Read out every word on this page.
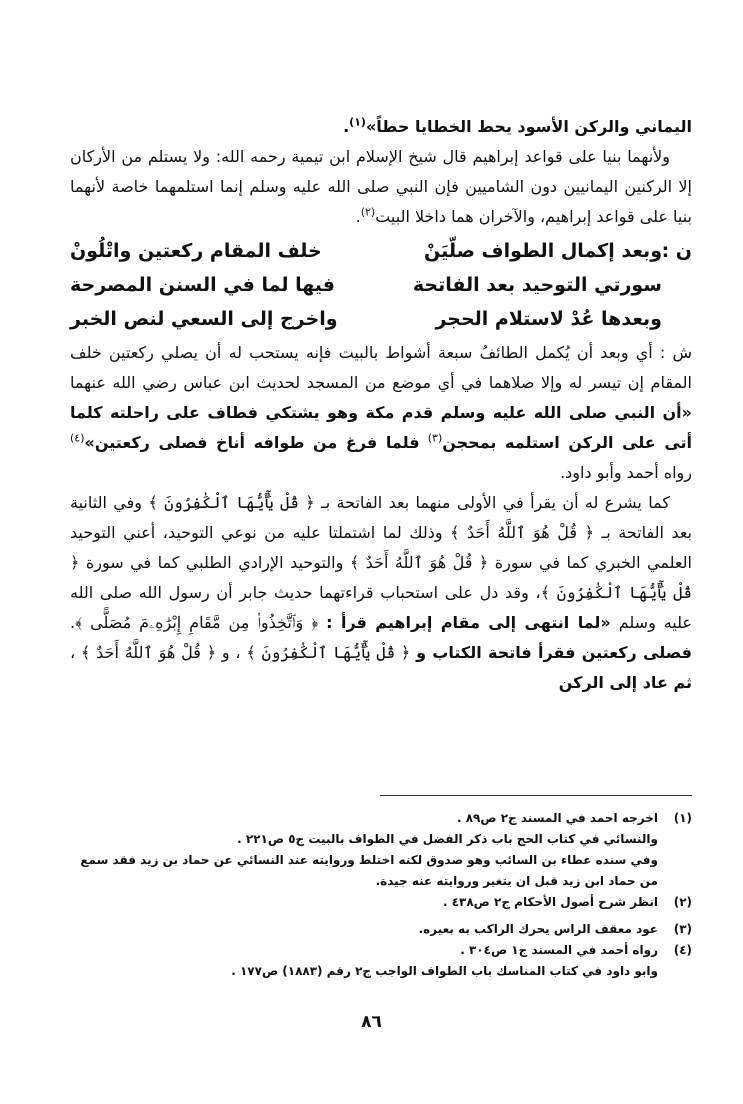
اليماني والركن الأسود يحط الخطايا حطاً»$^{(١)}$.

ولأنهما بنيا على قواعد إبراهيم قال شيخ الإسلام ابن تيمية رحمه الله: ولا يستلم من الأركان إلا الركنين اليمانيين دون الشاميين فإن النبي صلى الله عليه وسلم إنما استلمهما خاصة لأنهما بنيا على قواعد إبراهيم، والآخران هما داخلا البيت$^{(٢)}$.

ن :
وبعد إكمال الطواف صلّيَنْ
خلف المقام ركعتين واتْلُونْ
سورتي التوحيد بعد الفاتحة
فيها لما في السنن المصرحة
وبعدها عُدْ لاستلام الحجر
واخرج إلى السعي لنص الخبر

ش : أي وبعد أن يُكمل الطائفُ سبعة أشواط بالبيت فإنه يستحب له أن يصلي ركعتين خلف المقام إن تيسر له وإلا صلاهما في أي موضع من المسجد لحديث ابن عباس رضي الله عنهما «أن النبي صلى الله عليه وسلم قدم مكة وهو يشتكي فطاف على راحلته كلما أتى على الركن استلمه بمحجن$^{(٣)}$ فلما فرغ من طوافه أناخ فصلى ركعتين»$^{(٤)}$ رواه أحمد وأبو داود.

كما يشرع له أن يقرأ في الأولى منهما بعد الفاتحة بـ ﴿ قُلْ يَٰٓأَيُّهَا ٱلْكَٰفِرُونَ ﴾ وفي الثانية بعد الفاتحة بـ ﴿ قُلْ هُوَ ٱللَّهُ أَحَدٌ ﴾ وذلك لما اشتملتا عليه من نوعي التوحيد، أعني التوحيد العلمي الخبري كما في سورة ﴿ قُلْ هُوَ ٱللَّهُ أَحَدٌ ﴾ والتوحيد الإرادي الطلبي كما في سورة ﴿ قُلْ يَٰٓأَيُّهَا ٱلْكَٰفِرُونَ ﴾، وقد دل على استحباب قراءتهما حديث جابر أن رسول الله صلى الله عليه وسلم «لما انتهى إلى مقام إبراهيم قرأ : ﴿ وَٱتَّخِذُوا۟ مِن مَّقَامِ إِبْرَٰهِۦمَ مُصَلًّى ﴾. فصلى ركعتين فقرأ فاتحة الكتاب و ﴿ قُلْ يَٰٓأَيُّهَا ٱلْكَٰفِرُونَ ﴾ ، و ﴿ قُلْ هُوَ ٱللَّهُ أَحَدٌ ﴾ ، ثم عاد إلى الركن

(١)
اخرجه احمد في المسند ج٢ ص٨٩ .
والنسائي في كتاب الحج باب ذكر الفضل في الطواف بالبيت ج٥ ص٢٢١ .
وفي سنده عطاء بن السائب وهو صدوق لكنه اختلط وروايته عند النسائي عن حماد بن زيد فقد سمع من حماد ابن زيد قبل ان يتغير وروايته عنه جيدة.
(٢)
انظر شرح أصول الأحكام ج٢ ص٤٣٨ .
(٣)
عود معقف الراس يحرك الراكب به بعيره.
(٤)
رواه أحمد في المسند ج١ ص٣٠٤ .
وابو داود في كتاب المناسك باب الطواف الواجب ج٢ رقم (١٨٨٣) ص١٧٧ .
٨٦
